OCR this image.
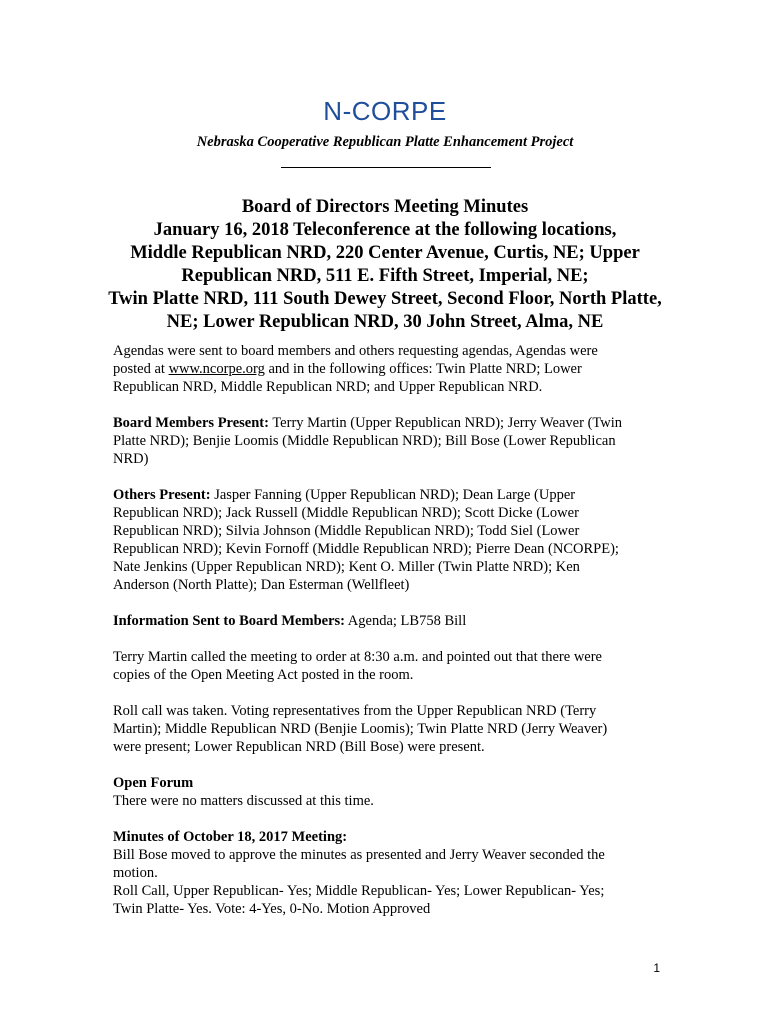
N-CORPE
Nebraska Cooperative Republican Platte Enhancement Project
Board of Directors Meeting Minutes
January 16, 2018 Teleconference at the following locations,
Middle Republican NRD, 220 Center Avenue, Curtis, NE; Upper
Republican NRD, 511 E. Fifth Street, Imperial, NE;
Twin Platte NRD, 111 South Dewey Street, Second Floor, North Platte,
NE; Lower Republican NRD, 30 John Street, Alma, NE

Agendas were sent to board members and others requesting agendas, Agendas were
posted at www.ncorpe.org and in the following offices: Twin Platte NRD; Lower
Republican NRD, Middle Republican NRD; and Upper Republican NRD.

Board Members Present: Terry Martin (Upper Republican NRD); Jerry Weaver (Twin
Platte NRD); Benjie Loomis (Middle Republican NRD); Bill Bose (Lower Republican
NRD)

Others Present: Jasper Fanning (Upper Republican NRD); Dean Large (Upper
Republican NRD); Jack Russell (Middle Republican NRD); Scott Dicke (Lower
Republican NRD); Silvia Johnson (Middle Republican NRD); Todd Siel (Lower
Republican NRD); Kevin Fornoff (Middle Republican NRD); Pierre Dean (NCORPE);
Nate Jenkins (Upper Republican NRD); Kent O. Miller (Twin Platte NRD); Ken
Anderson (North Platte); Dan Esterman (Wellfleet)

Information Sent to Board Members: Agenda; LB758 Bill

Terry Martin called the meeting to order at 8:30 a.m. and pointed out that there were
copies of the Open Meeting Act posted in the room.

Roll call was taken. Voting representatives from the Upper Republican NRD (Terry
Martin); Middle Republican NRD (Benjie Loomis); Twin Platte NRD (Jerry Weaver)
were present; Lower Republican NRD (Bill Bose) were present.

Open Forum
There were no matters discussed at this time.

Minutes of October 18, 2017 Meeting:
Bill Bose moved to approve the minutes as presented and Jerry Weaver seconded the
motion.
Roll Call, Upper Republican- Yes; Middle Republican- Yes; Lower Republican- Yes;
Twin Platte- Yes. Vote: 4-Yes, 0-No. Motion Approved

1
